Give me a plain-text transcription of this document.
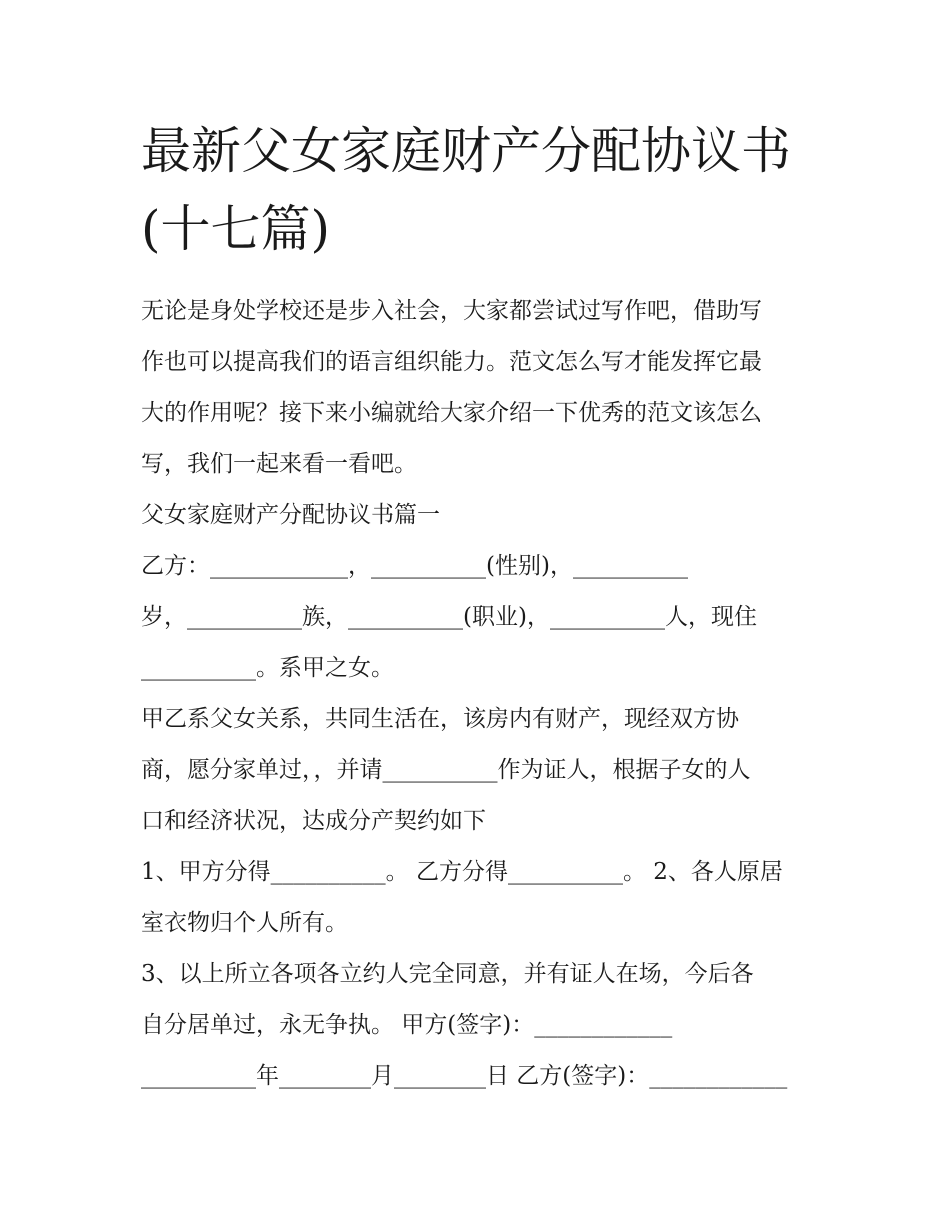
最新父女家庭财产分配协议书
(十七篇)

无论是身处学校还是步入社会，大家都尝试过写作吧，借助写

作也可以提高我们的语言组织能力。范文怎么写才能发挥它最

大的作用呢？接下来小编就给大家介绍一下优秀的范文该怎么

写，我们一起来看一看吧。

父女家庭财产分配协议书篇一

乙方：____________，__________(性别)，__________

岁，__________族，__________(职业)，__________人，现住

__________。系甲之女。

甲乙系父女关系，共同生活在，该房内有财产，现经双方协

商，愿分家单过，，并请__________作为证人，根据子女的人

口和经济状况，达成分产契约如下

1、甲方分得__________。 乙方分得__________。 2、各人原居

室衣物归个人所有。

3、以上所立各项各立约人完全同意，并有证人在场，今后各

自分居单过，永无争执。 甲方(签字)：____________

__________年________月________日 乙方(签字)：____________
